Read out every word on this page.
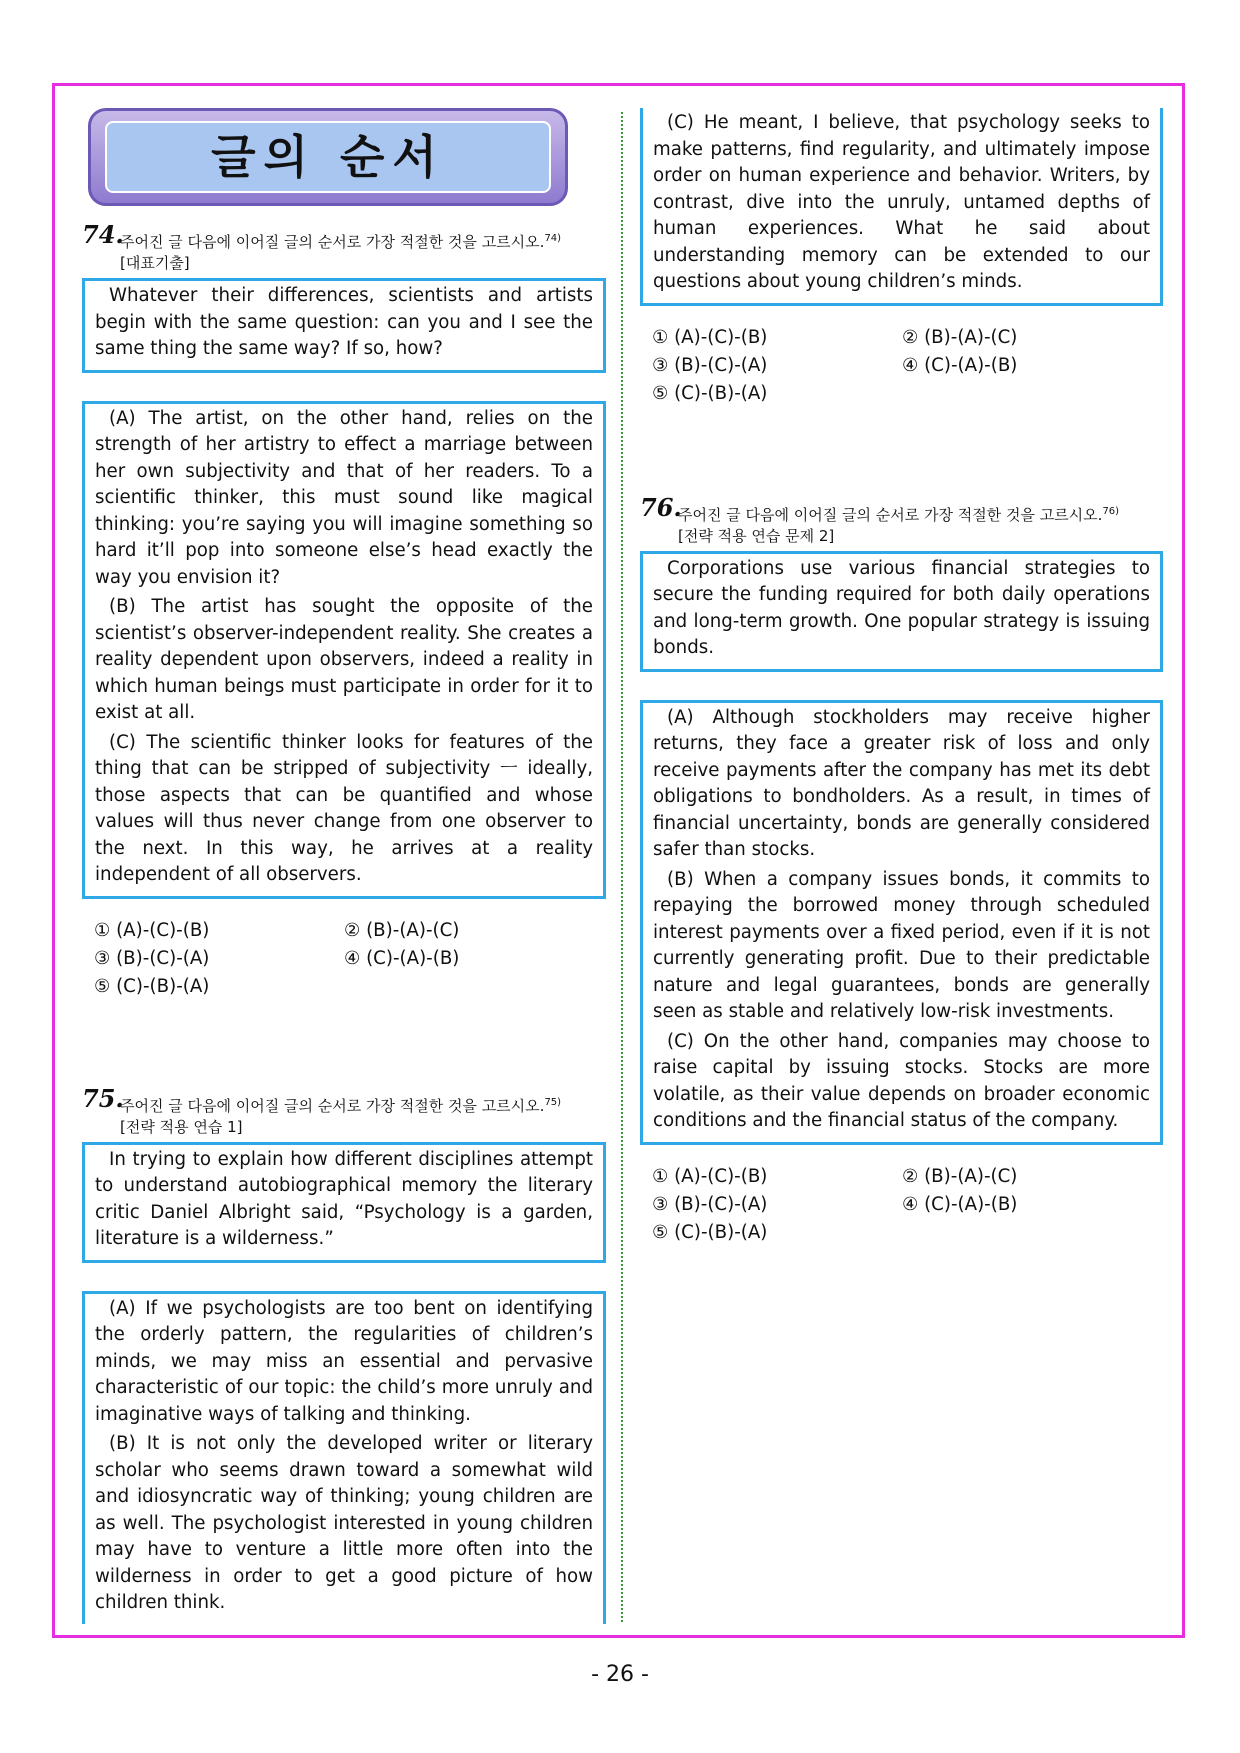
글의 순서
74.
주어진 글 다음에 이어질 글의 순서로 가장 적절한 것을 고르시오.$^{74)}$
[대표기출]

Whatever their differences, scientists and artists begin with the same question: can you and I see the same thing the same way? If so, how?

(A) The artist, on the other hand, relies on the strength of her artistry to effect a marriage between her own subjectivity and that of her readers. To a scientific thinker, this must sound like magical thinking: you’re saying you will imagine something so hard it’ll pop into someone else’s head exactly the way you envision it?

(B) The artist has sought the opposite of the scientist’s observer-independent reality. She creates a reality dependent upon observers, indeed a reality in which human beings must participate in order for it to exist at all.

(C) The scientific thinker looks for features of the thing that can be stripped of subjectivity ㅡ ideally, those aspects that can be quantified and whose values will thus never change from one observer to the next. In this way, he arrives at a reality independent of all observers.

① (A)-(C)-(B)	② (B)-(A)-(C)
③ (B)-(C)-(A)	④ (C)-(A)-(B)
⑤ (C)-(B)-(A)
75.
주어진 글 다음에 이어질 글의 순서로 가장 적절한 것을 고르시오.$^{75)}$
[전략 적용 연습 1]

In trying to explain how different disciplines attempt to understand autobiographical memory the literary critic Daniel Albright said, “Psychology is a garden, literature is a wilderness.”

(A) If we psychologists are too bent on identifying the orderly pattern, the regularities of children’s minds, we may miss an essential and pervasive characteristic of our topic: the child’s more unruly and imaginative ways of talking and thinking.

(B) It is not only the developed writer or literary scholar who seems drawn toward a somewhat wild and idiosyncratic way of thinking; young children are as well. The psychologist interested in young children may have to venture a little more often into the wilderness in order to get a good picture of how children think.

(C) He meant, I believe, that psychology seeks to make patterns, find regularity, and ultimately impose order on human experience and behavior. Writers, by contrast, dive into the unruly, untamed depths of human experiences. What he said about understanding memory can be extended to our questions about young children’s minds.

① (A)-(C)-(B)	② (B)-(A)-(C)
③ (B)-(C)-(A)	④ (C)-(A)-(B)
⑤ (C)-(B)-(A)
76.
주어진 글 다음에 이어질 글의 순서로 가장 적절한 것을 고르시오.$^{76)}$
[전략 적용 연습 문제 2]

Corporations use various financial strategies to secure the funding required for both daily operations and long-term growth. One popular strategy is issuing bonds.

(A) Although stockholders may receive higher returns, they face a greater risk of loss and only receive payments after the company has met its debt obligations to bondholders. As a result, in times of financial uncertainty, bonds are generally considered safer than stocks.

(B) When a company issues bonds, it commits to repaying the borrowed money through scheduled interest payments over a fixed period, even if it is not currently generating profit. Due to their predictable nature and legal guarantees, bonds are generally seen as stable and relatively low-risk investments.

(C) On the other hand, companies may choose to raise capital by issuing stocks. Stocks are more volatile, as their value depends on broader economic conditions and the financial status of the company.

① (A)-(C)-(B)	② (B)-(A)-(C)
③ (B)-(C)-(A)	④ (C)-(A)-(B)
⑤ (C)-(B)-(A)
- 26 -
